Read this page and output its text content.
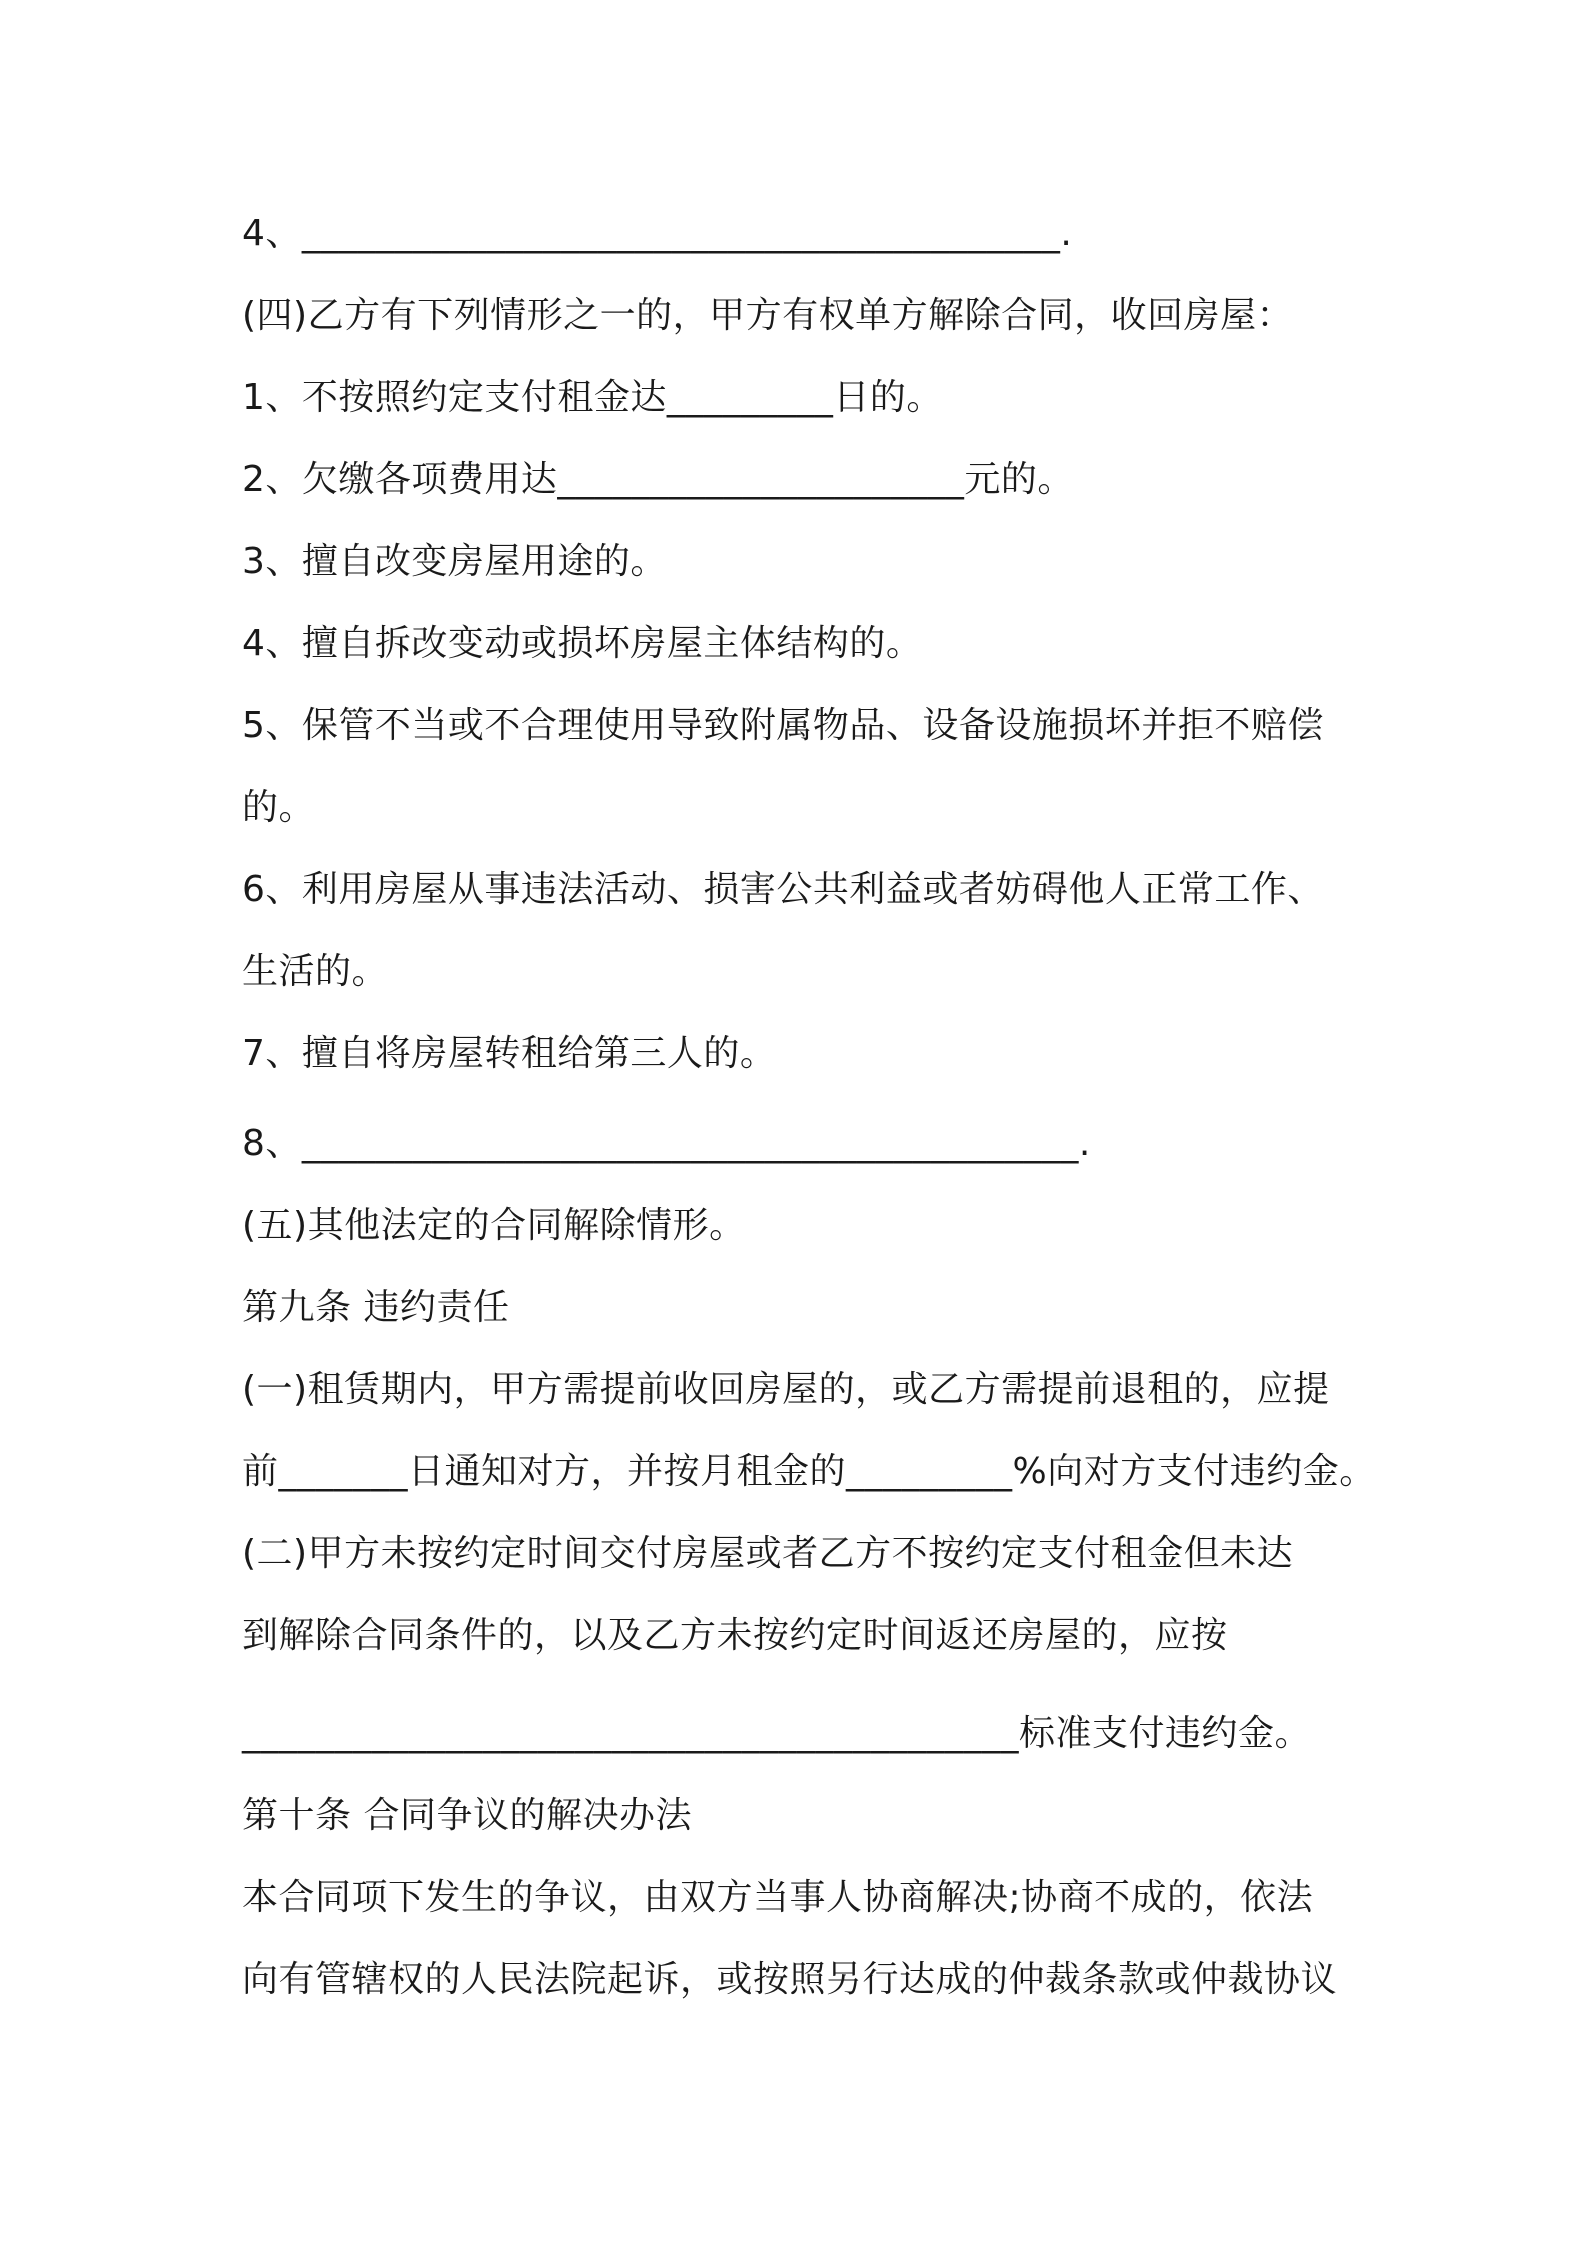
4、_________________________________________.
(四)乙方有下列情形之一的，甲方有权单方解除合同，收回房屋：
1、不按照约定支付租金达_________日的。
2、欠缴各项费用达______________________元的。
3、擅自改变房屋用途的。
4、擅自拆改变动或损坏房屋主体结构的。
5、保管不当或不合理使用导致附属物品、设备设施损坏并拒不赔偿
的。
6、利用房屋从事违法活动、损害公共利益或者妨碍他人正常工作、
生活的。
7、擅自将房屋转租给第三人的。
8、__________________________________________.
(五)其他法定的合同解除情形。
第九条 违约责任
(一)租赁期内，甲方需提前收回房屋的，或乙方需提前退租的，应提
前_______日通知对方，并按月租金的_________%向对方支付违约金。
(二)甲方未按约定时间交付房屋或者乙方不按约定支付租金但未达
到解除合同条件的，以及乙方未按约定时间返还房屋的，应按
__________________________________________标准支付违约金。
第十条 合同争议的解决办法
本合同项下发生的争议，由双方当事人协商解决;协商不成的，依法
向有管辖权的人民法院起诉，或按照另行达成的仲裁条款或仲裁协议
